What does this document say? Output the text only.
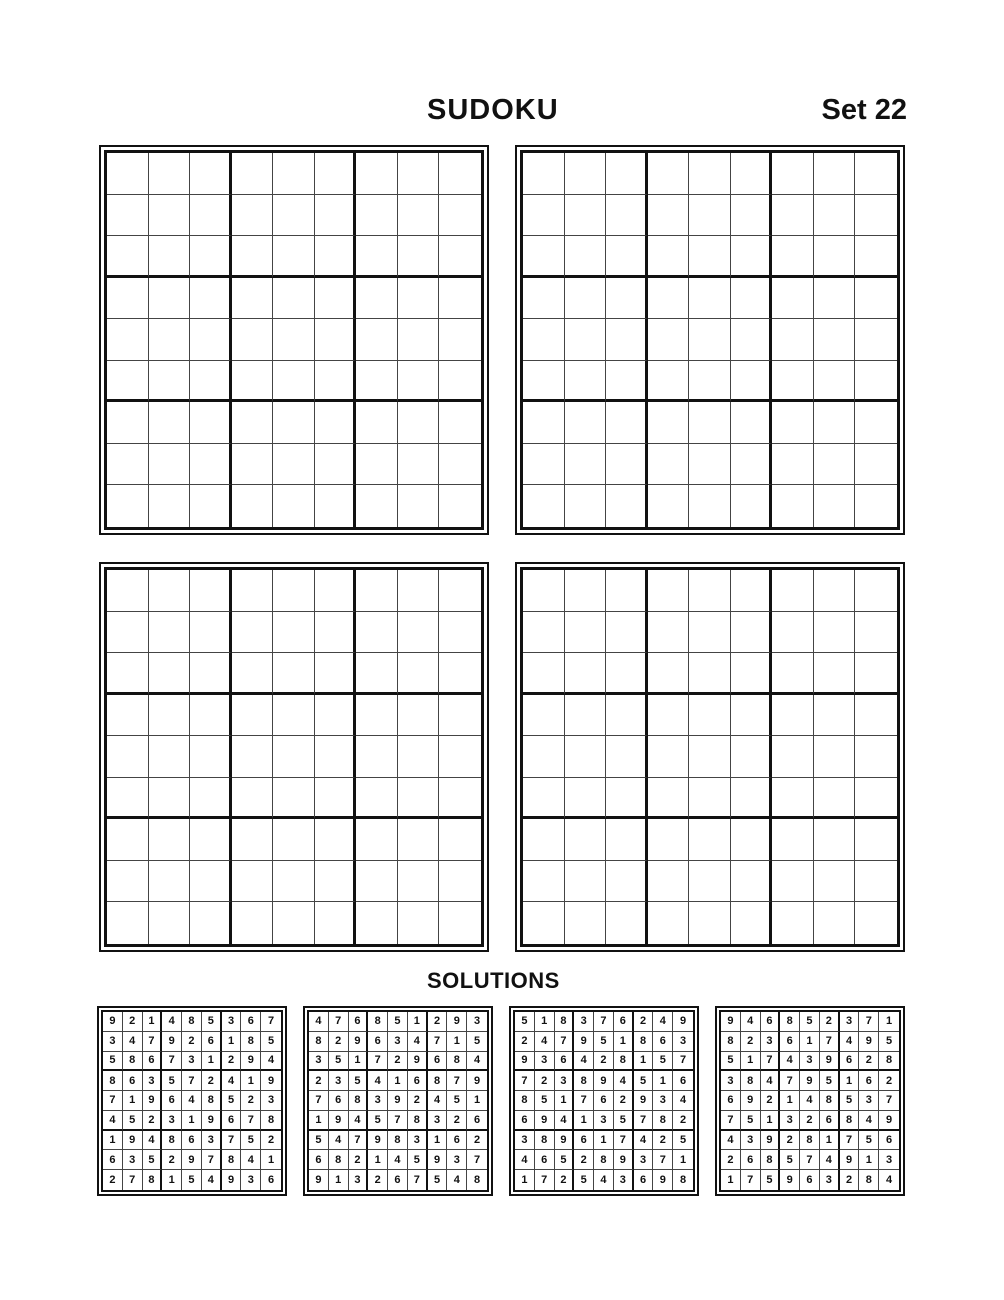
SUDOKU	Set 22
SOLUTIONS
9	2	1	4	8	5	3	6	7
3	4	7	9	2	6	1	8	5
5	8	6	7	3	1	2	9	4
8	6	3	5	7	2	4	1	9
7	1	9	6	4	8	5	2	3
4	5	2	3	1	9	6	7	8
1	9	4	8	6	3	7	5	2
6	3	5	2	9	7	8	4	1
2	7	8	1	5	4	9	3	6
4	7	6	8	5	1	2	9	3
8	2	9	6	3	4	7	1	5
3	5	1	7	2	9	6	8	4
2	3	5	4	1	6	8	7	9
7	6	8	3	9	2	4	5	1
1	9	4	5	7	8	3	2	6
5	4	7	9	8	3	1	6	2
6	8	2	1	4	5	9	3	7
9	1	3	2	6	7	5	4	8
5	1	8	3	7	6	2	4	9
2	4	7	9	5	1	8	6	3
9	3	6	4	2	8	1	5	7
7	2	3	8	9	4	5	1	6
8	5	1	7	6	2	9	3	4
6	9	4	1	3	5	7	8	2
3	8	9	6	1	7	4	2	5
4	6	5	2	8	9	3	7	1
1	7	2	5	4	3	6	9	8
9	4	6	8	5	2	3	7	1
8	2	3	6	1	7	4	9	5
5	1	7	4	3	9	6	2	8
3	8	4	7	9	5	1	6	2
6	9	2	1	4	8	5	3	7
7	5	1	3	2	6	8	4	9
4	3	9	2	8	1	7	5	6
2	6	8	5	7	4	9	1	3
1	7	5	9	6	3	2	8	4
